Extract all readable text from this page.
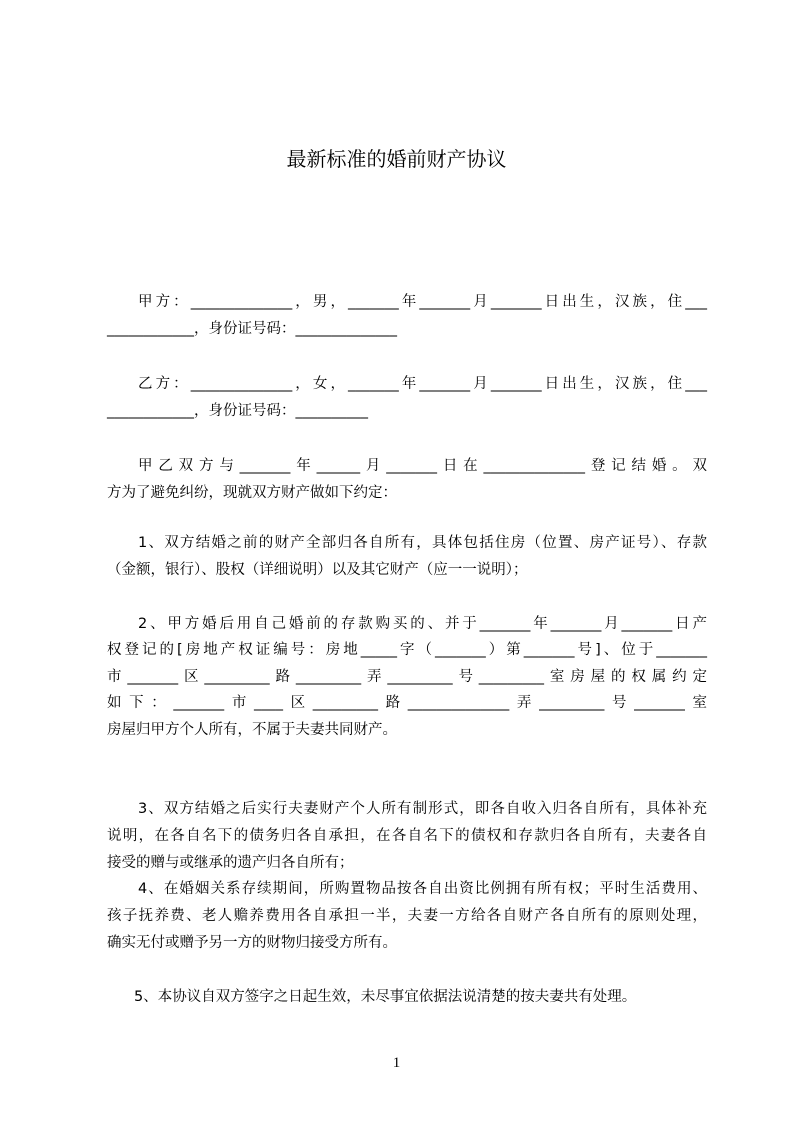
最新标准的婚前财产协议
甲方：______________，男，_______年_______月_______日出生，汉族，住___
____________，身份证号码：______________
乙方：______________，女，_______年_______月_______日出生，汉族，住___
____________，身份证号码：__________
甲乙双方与_______年______月_______日在______________登记结婚。双
方为了避免纠纷，现就双方财产做如下约定：
1、双方结婚之前的财产全部归各自所有，具体包括住房（位置、房产证号）、存款
（金额，银行）、股权（详细说明）以及其它财产（应一一说明）；
2、甲方婚后用自己婚前的存款购买的、并于_______年_______月_______日产
权登记的[房地产权证编号：房地_____字（_______）第_______号]、位于_______
市_______区_________路_________弄_________号_________室房屋的权属约定
如下：_______市____区_________路______________弄_________号_______室
房屋归甲方个人所有，不属于夫妻共同财产。
3、双方结婚之后实行夫妻财产个人所有制形式，即各自收入归各自所有，具体补充
说明，在各自名下的债务归各自承担，在各自名下的债权和存款归各自所有，夫妻各自
接受的赠与或继承的遗产归各自所有；
4、在婚姻关系存续期间，所购置物品按各自出资比例拥有所有权；平时生活费用、
孩子抚养费、老人赡养费用各自承担一半，夫妻一方给各自财产各自所有的原则处理，
确实无付或赠予另一方的财物归接受方所有。
5、本协议自双方签字之日起生效，未尽事宜依据法说清楚的按夫妻共有处理。
1
